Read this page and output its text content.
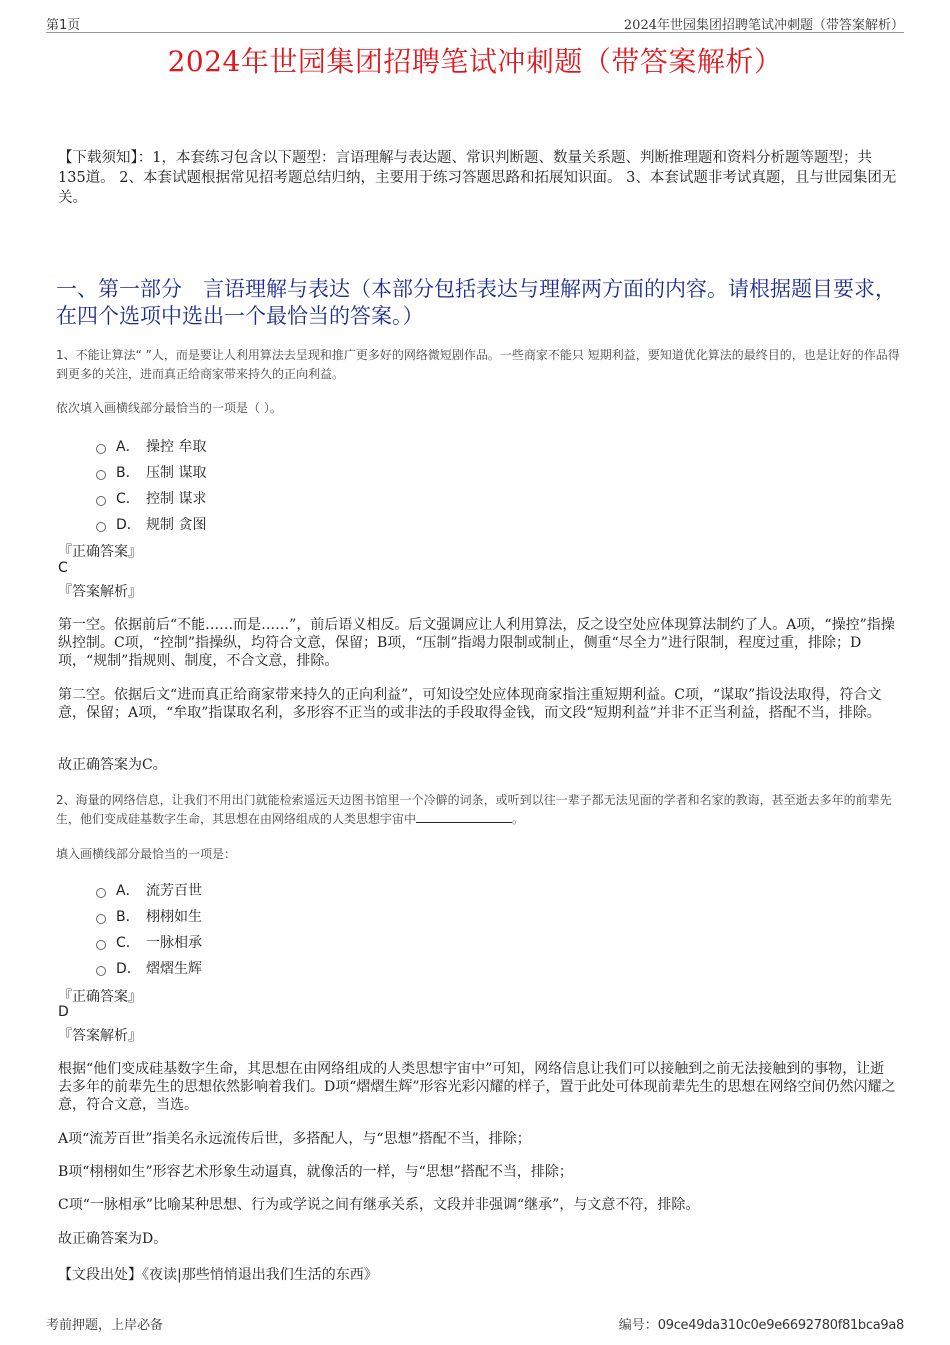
第1页	2024年世园集团招聘笔试冲刺题（带答案解析）
2024年世园集团招聘笔试冲刺题（带答案解析）
【下载须知】：1，本套练习包含以下题型：言语理解与表达题、常识判断题、数量关系题、判断推理题和资料分析题等题型；共135道。 2、本套试题根据常见招考题总结归纳，主要用于练习答题思路和拓展知识面。 3、本套试题非考试真题，且与世园集团无关。
一、第一部分　言语理解与表达（本部分包括表达与理解两方面的内容。请根据题目要求，在四个选项中选出一个最恰当的答案。）
1、不能让算法“ ”人，而是要让人利用算法去呈现和推广更多好的网络微短剧作品。一些商家不能只 短期利益，要知道优化算法的最终目的，也是让好的作品得到更多的关注，进而真正给商家带来持久的正向利益。
依次填入画横线部分最恰当的一项是（ ）。
A． 操控 牟取
B． 压制 谋取
C． 控制 谋求
D． 规制 贪图
『正确答案』
C
『答案解析』
第一空。依据前后“不能……而是……”，前后语义相反。后文强调应让人利用算法，反之设空处应体现算法制约了人。A项，“操控”指操纵控制。C项，“控制”指操纵，均符合文意，保留；B项，“压制”指竭力限制或制止，侧重“尽全力”进行限制，程度过重，排除；D项，“规制”指规则、制度，不合文意，排除。
第二空。依据后文“进而真正给商家带来持久的正向利益”，可知设空处应体现商家指注重短期利益。C项，“谋取”指设法取得，符合文意，保留；A项，“牟取”指谋取名利，多形容不正当的或非法的手段取得金钱，而文段“短期利益”并非不正当利益，搭配不当，排除。
故正确答案为C。
2、海量的网络信息，让我们不用出门就能检索遥远天边图书馆里一个冷僻的词条，或听到以往一辈子都无法见面的学者和名家的教诲，甚至逝去多年的前辈先生，他们变成硅基数字生命，其思想在由网络组成的人类思想宇宙中	。
填入画横线部分最恰当的一项是：
A． 流芳百世
B． 栩栩如生
C． 一脉相承
D． 熠熠生辉
『正确答案』
D
『答案解析』
根据“他们变成硅基数字生命，其思想在由网络组成的人类思想宇宙中”可知，网络信息让我们可以接触到之前无法接触到的事物，让逝去多年的前辈先生的思想依然影响着我们。D项“熠熠生辉”形容光彩闪耀的样子，置于此处可体现前辈先生的思想在网络空间仍然闪耀之意，符合文意，当选。
A项“流芳百世”指美名永远流传后世，多搭配人，与“思想”搭配不当，排除；
B项“栩栩如生”形容艺术形象生动逼真，就像活的一样，与“思想”搭配不当，排除；
C项“一脉相承”比喻某种思想、行为或学说之间有继承关系，文段并非强调“继承”，与文意不符，排除。
故正确答案为D。
【文段出处】《夜读|那些悄悄退出我们生活的东西》
考前押题，上岸必备	编号：09ce49da310c0e9e6692780f81bca9a8
